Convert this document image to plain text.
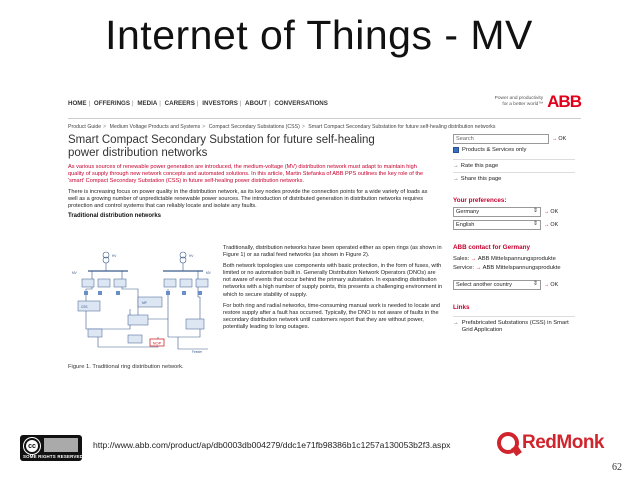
Internet of Things - MV
HOME | OFFERINGS | MEDIA | CAREERS | INVESTORS | ABOUT | CONVERSATIONS
Power and productivity
for a better world™ ABB
Product Guide > Medium Voltage Products and Systems > Compact Secondary Substations (CSS) > Smart Compact Secondary Substation for future self-healing distribution networks
Smart Compact Secondary Substation for future self-healing power distribution networks
As various sources of renewable power generation are introduced, the medium-voltage (MV) distribution network must adapt to maintain high quality of supply through new network concepts and automated solutions. In this article, Martin Stefanka of ABB PPS outlines the key role of the 'smart' Compact Secondary Substation (CSS) in future self-healing power distribution networks.
There is increasing focus on power quality in the distribution network, as its key nodes provide the connection points for a wide variety of loads as well as a growing number of unpredictable renewable power sources. The introduction of distributed generation in distribution networks requires protection and control systems that can reliably locate and isolate any faults.
Traditional distribution networks
NOP
HV	HV
MV	MV
CSS
MP
Feeder
Figure 1. Traditional ring distribution network.

Traditionally, distribution networks have been operated either as open rings (as shown in Figure 1) or as radial feed networks (as shown in Figure 2).

Both network topologies use components with basic protection, in the form of fuses, with limited or no automation built in. Generally Distribution Network Operators (DNOs) are not aware of events that occur behind the primary substation. In expanding distribution networks with a high number of supply points, this presents a challenging environment in which to secure stability of supply.

For both ring and radial networks, time-consuming manual work is needed to locate and restore supply after a fault has occurred. Typically, the DNO is not aware of faults in the secondary distribution network until customers report that they are without power, potentially leading to long outages.

Search	→OK
Products & Services only
→ Rate this page
→ Share this page
Your preferences:
Germany	⇕ →OK
English	⇕ →OK
ABB contact for Germany
Sales: → ABB Mittelspannungsprodukte
Service: → ABB Mittelspannungsprodukte
Select another country	⇕ →OK
Links
→ Prefabricated Substations (CSS) in Smart Grid Application
cc
SOME RIGHTS RESERVED
http://www.abb.com/product/ap/db0003db004279/ddc1e71fb98386b1c1257a130053b2f3.aspx	RedMonk
62
